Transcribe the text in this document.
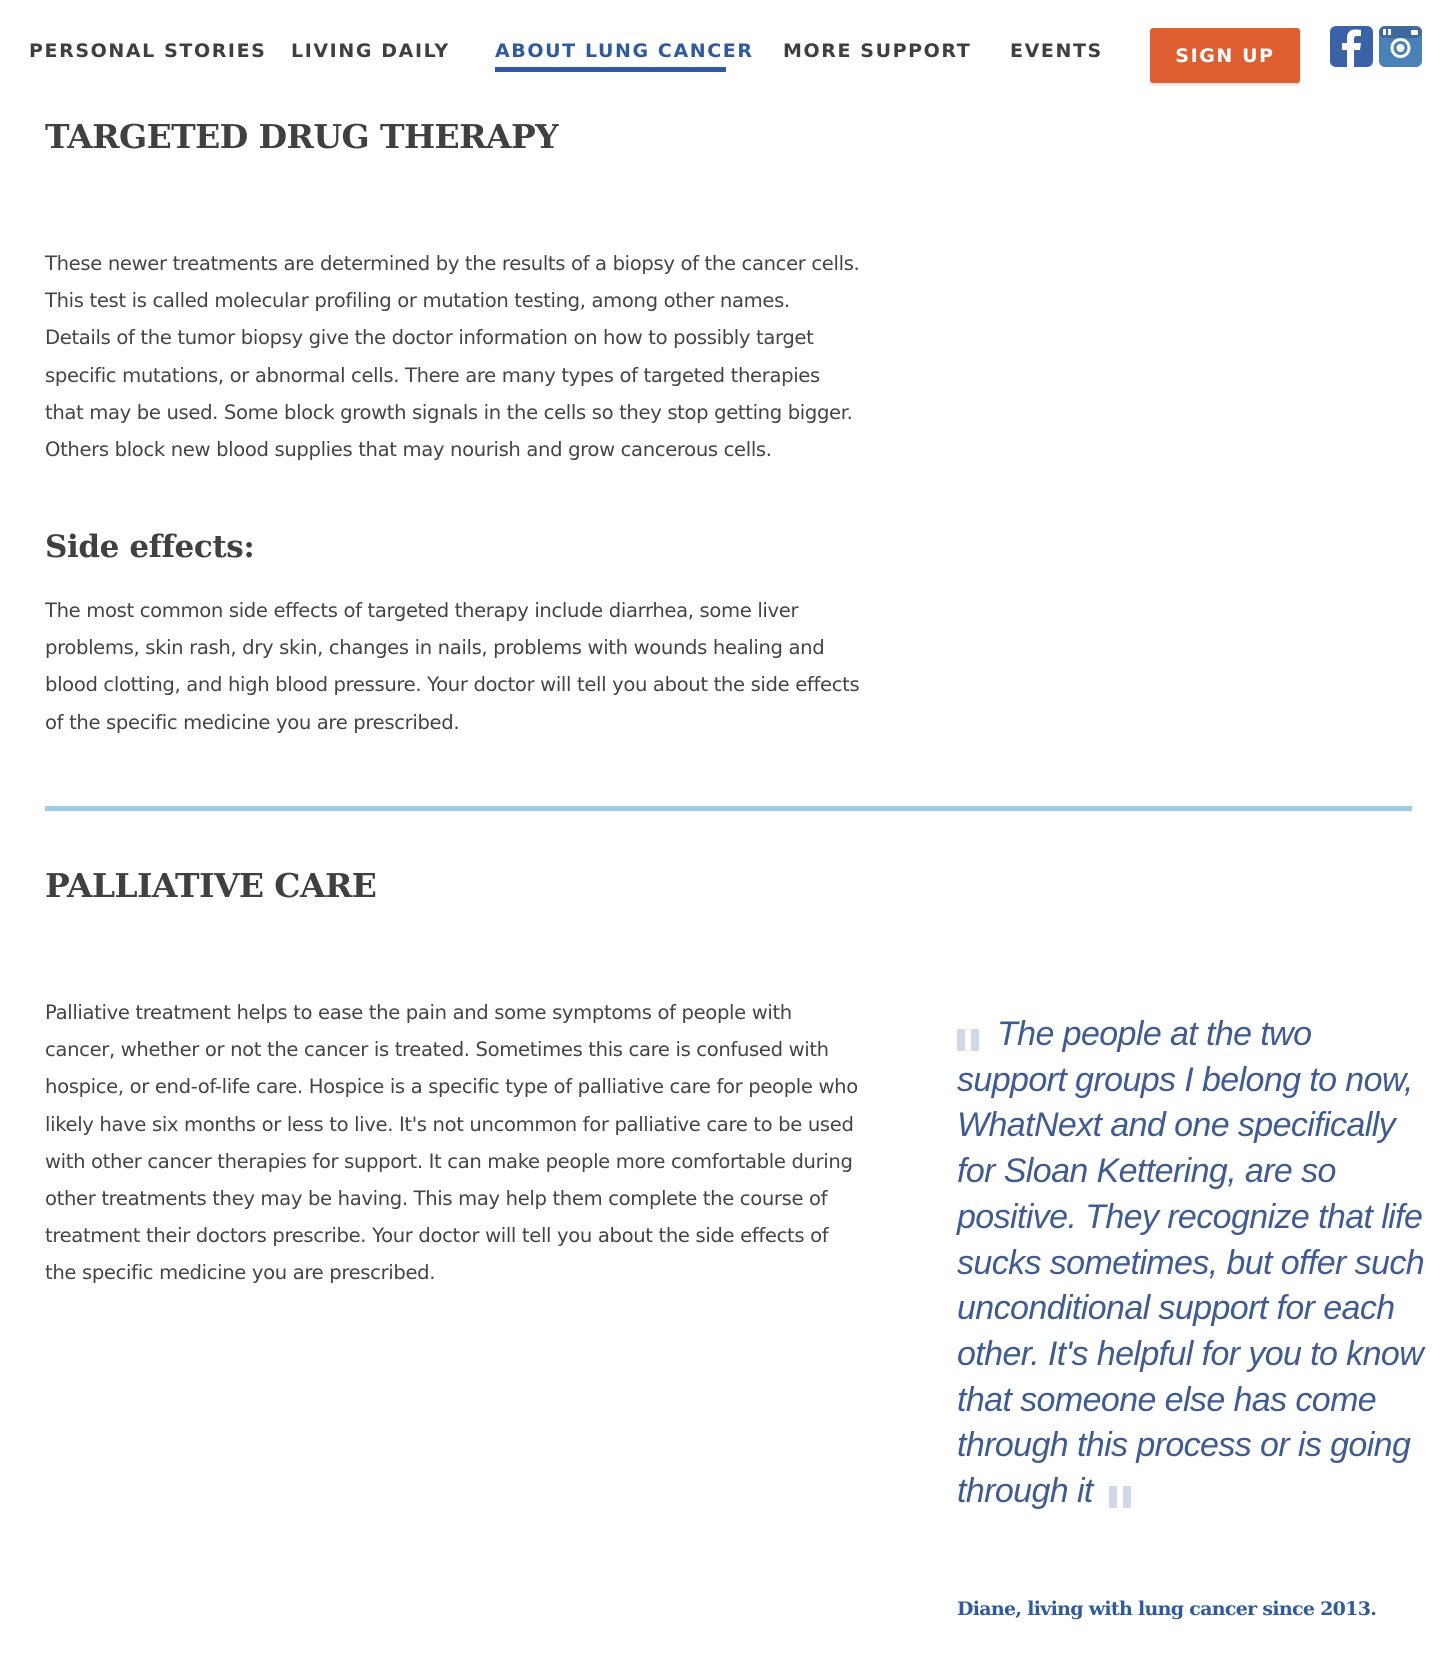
PERSONAL STORIES LIVING DAILY ABOUT LUNG CANCER MORE SUPPORT EVENTS	SIGN UP
TARGETED DRUG THERAPY

These newer treatments are determined by the results of a biopsy of the cancer cells. This test is called molecular profiling or mutation testing, among other names. Details of the tumor biopsy give the doctor information on how to possibly target specific mutations, or abnormal cells. There are many types of targeted therapies that may be used. Some block growth signals in the cells so they stop getting bigger. Others block new blood supplies that may nourish and grow cancerous cells.

Side effects:

The most common side effects of targeted therapy include diarrhea, some liver problems, skin rash, dry skin, changes in nails, problems with wounds healing and blood clotting, and high blood pressure. Your doctor will tell you about the side effects of the specific medicine you are prescribed.

PALLIATIVE CARE

Palliative treatment helps to ease the pain and some symptoms of people with cancer, whether or not the cancer is treated. Sometimes this care is confused with hospice, or end-of-life care. Hospice is a specific type of palliative care for people who likely have six months or less to live. It's not uncommon for palliative care to be used with other cancer therapies for support. It can make people more comfortable during other treatments they may be having. This may help them complete the course of treatment their doctors prescribe. Your doctor will tell you about the side effects of the specific medicine you are prescribed.

The people at the two support groups I belong to now, WhatNext and one specifically for Sloan Kettering, are so positive. They recognize that life sucks sometimes, but offer such unconditional support for each other. It's helpful for you to know that someone else has come through this process or is going through it

Diane, living with lung cancer since 2013.
